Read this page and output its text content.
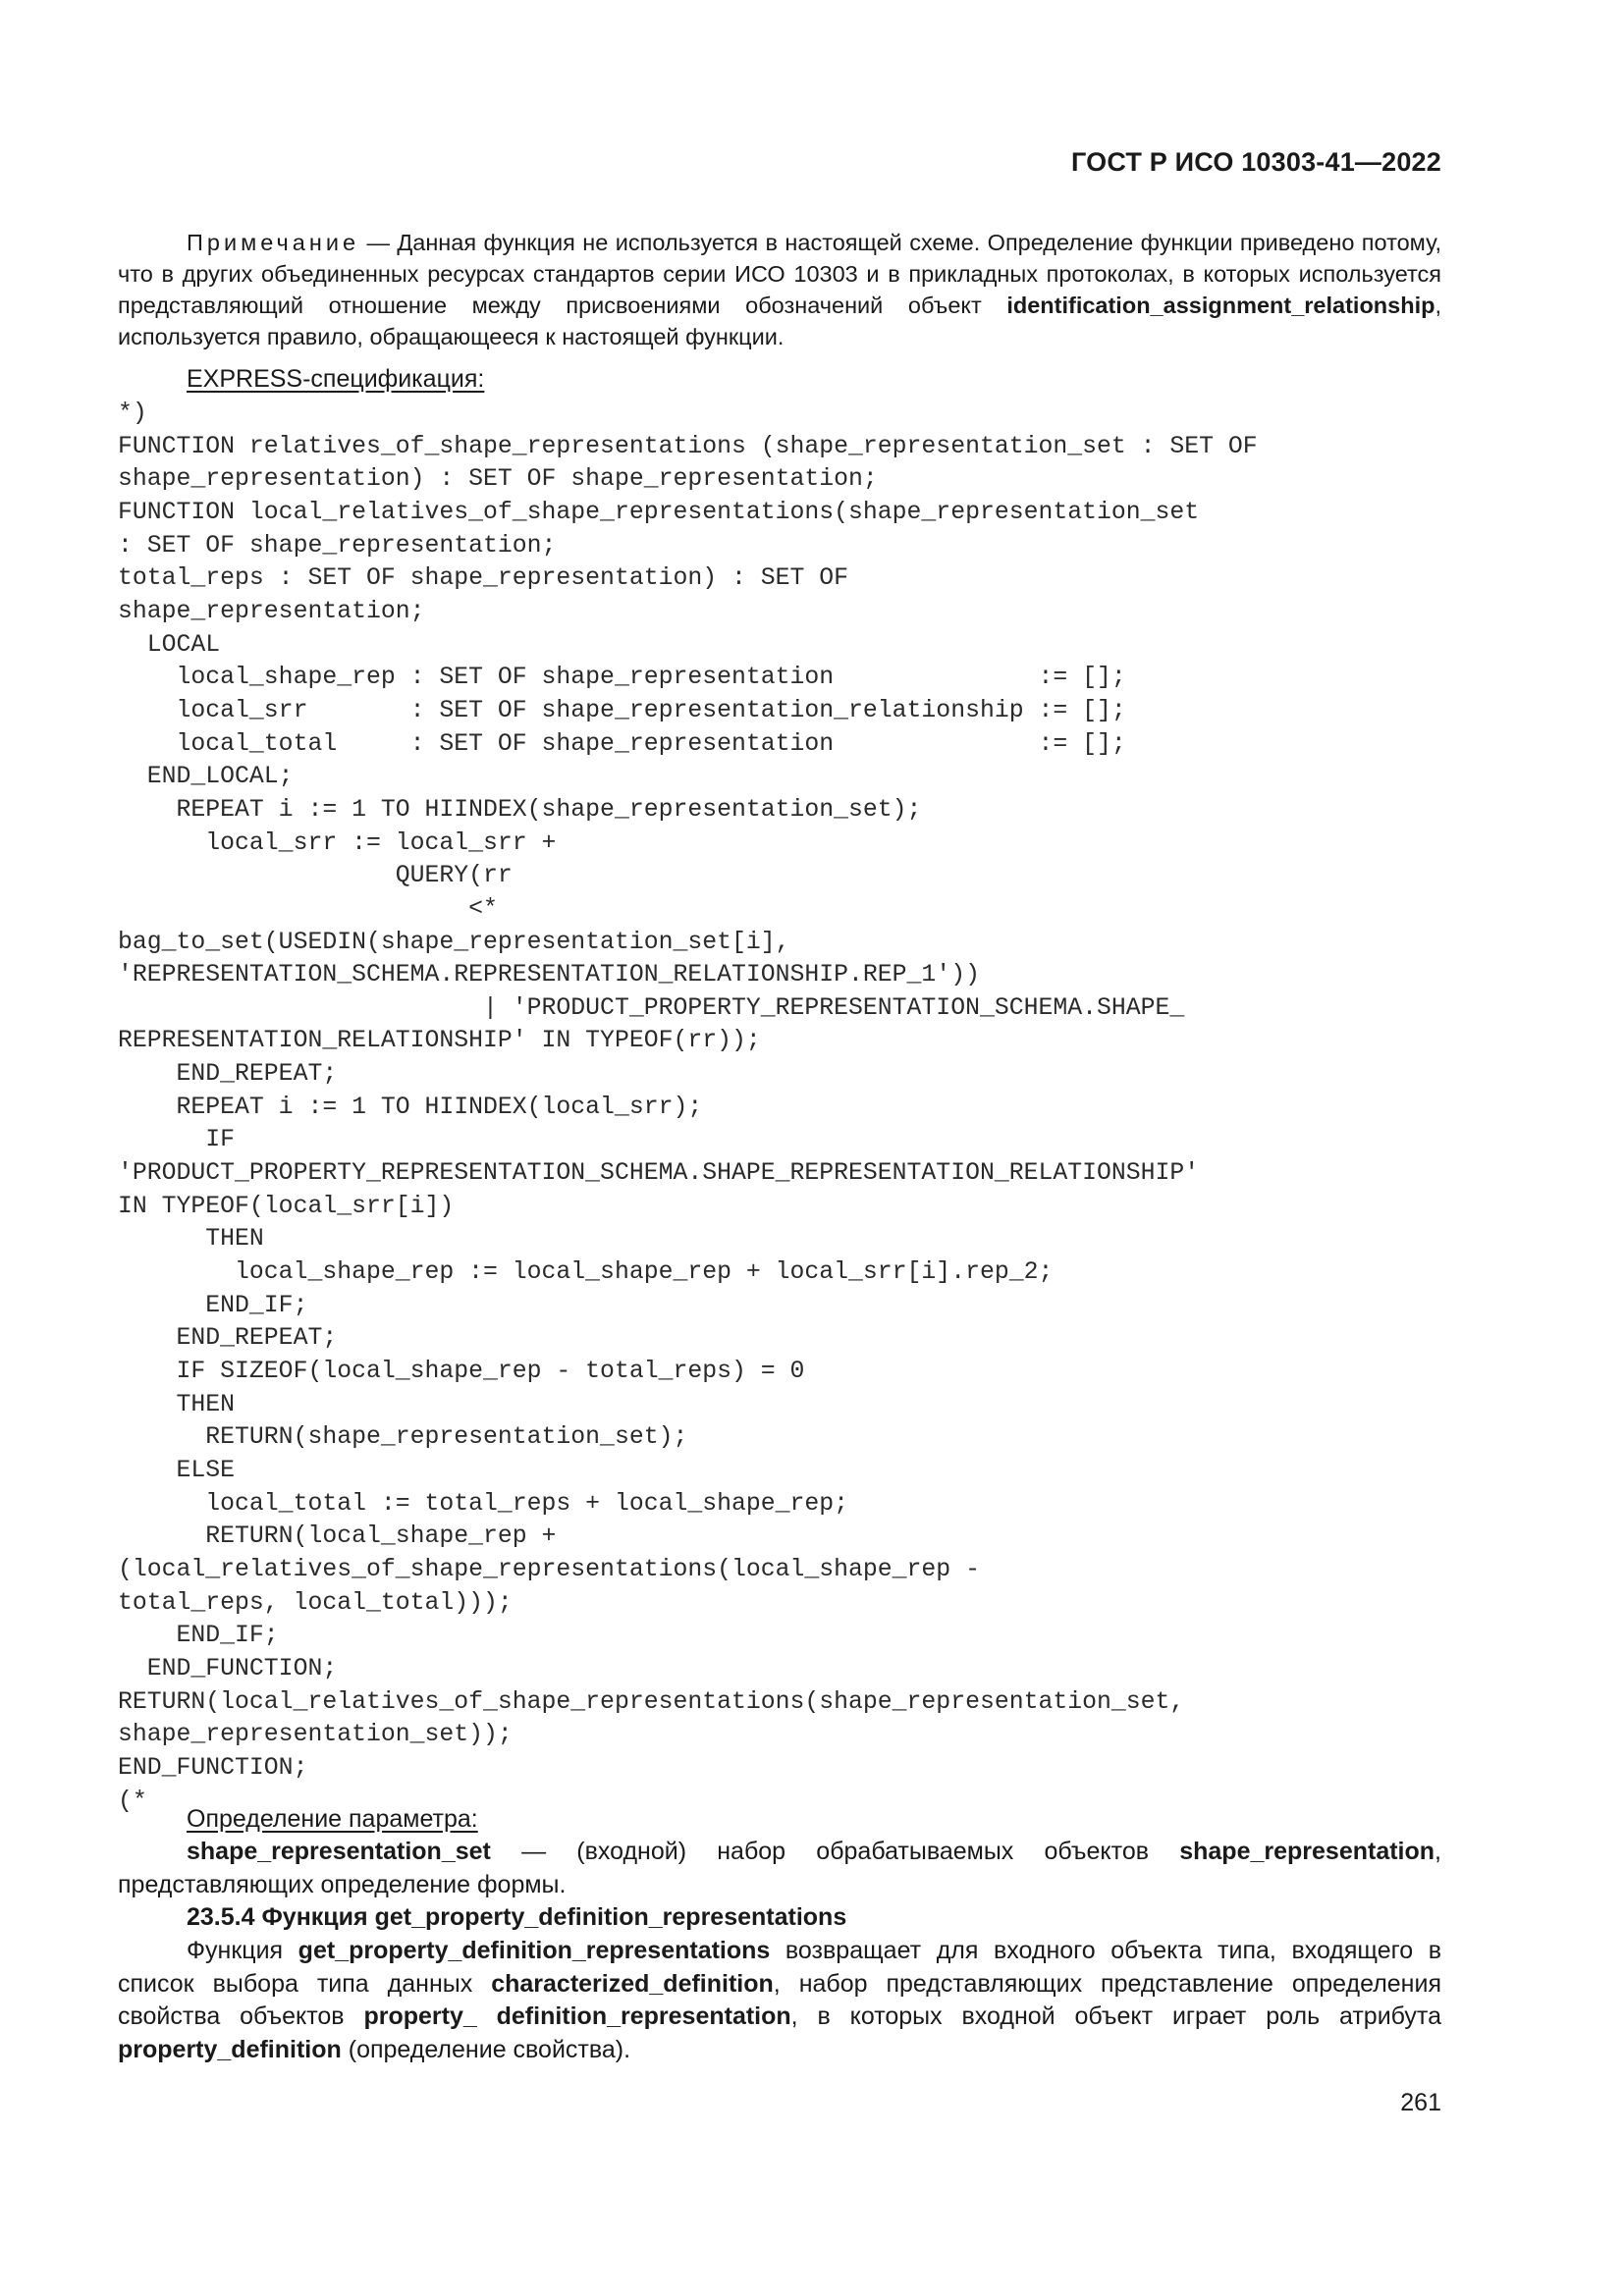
ГОСТ Р ИСО 10303-41—2022
Примечание — Данная функция не используется в настоящей схеме. Определение функции приведено потому, что в других объединенных ресурсах стандартов серии ИСО 10303 и в прикладных протоколах, в которых используется представляющий отношение между присвоениями обозначений объект identification_assignment_relationship, используется правило, обращающееся к настоящей функции.
EXPRESS-спецификация:
*)
FUNCTION relatives_of_shape_representations (shape_representation_set : SET OF
shape_representation) : SET OF shape_representation;
FUNCTION local_relatives_of_shape_representations(shape_representation_set
: SET OF shape_representation;
total_reps : SET OF shape_representation) : SET OF
shape_representation;
LOCAL
local_shape_rep : SET OF shape_representation              := [];
local_srr       : SET OF shape_representation_relationship := [];
local_total     : SET OF shape_representation              := [];
END_LOCAL;
REPEAT i := 1 TO HIINDEX(shape_representation_set);
local_srr := local_srr +
QUERY(rr
<*
bag_to_set(USEDIN(shape_representation_set[i],
'REPRESENTATION_SCHEMA.REPRESENTATION_RELATIONSHIP.REP_1'))
| 'PRODUCT_PROPERTY_REPRESENTATION_SCHEMA.SHAPE_
REPRESENTATION_RELATIONSHIP' IN TYPEOF(rr));
END_REPEAT;
REPEAT i := 1 TO HIINDEX(local_srr);
IF
'PRODUCT_PROPERTY_REPRESENTATION_SCHEMA.SHAPE_REPRESENTATION_RELATIONSHIP'
IN TYPEOF(local_srr[i])
THEN
local_shape_rep := local_shape_rep + local_srr[i].rep_2;
END_IF;
END_REPEAT;
IF SIZEOF(local_shape_rep - total_reps) = 0
THEN
RETURN(shape_representation_set);
ELSE
local_total := total_reps + local_shape_rep;
RETURN(local_shape_rep +
(local_relatives_of_shape_representations(local_shape_rep -
total_reps, local_total)));
END_IF;
END_FUNCTION;
RETURN(local_relatives_of_shape_representations(shape_representation_set,
shape_representation_set));
END_FUNCTION;
(*
Определение параметра:
shape_representation_set — (входной) набор обрабатываемых объектов shape_representation, представляющих определение формы.
23.5.4 Функция get_property_definition_representations
Функция get_property_definition_representations возвращает для входного объекта типа, входящего в список выбора типа данных characterized_definition, набор представляющих представление определения свойства объектов property_ definition_representation, в которых входной объект играет роль атрибута property_definition (определение свойства).
261
